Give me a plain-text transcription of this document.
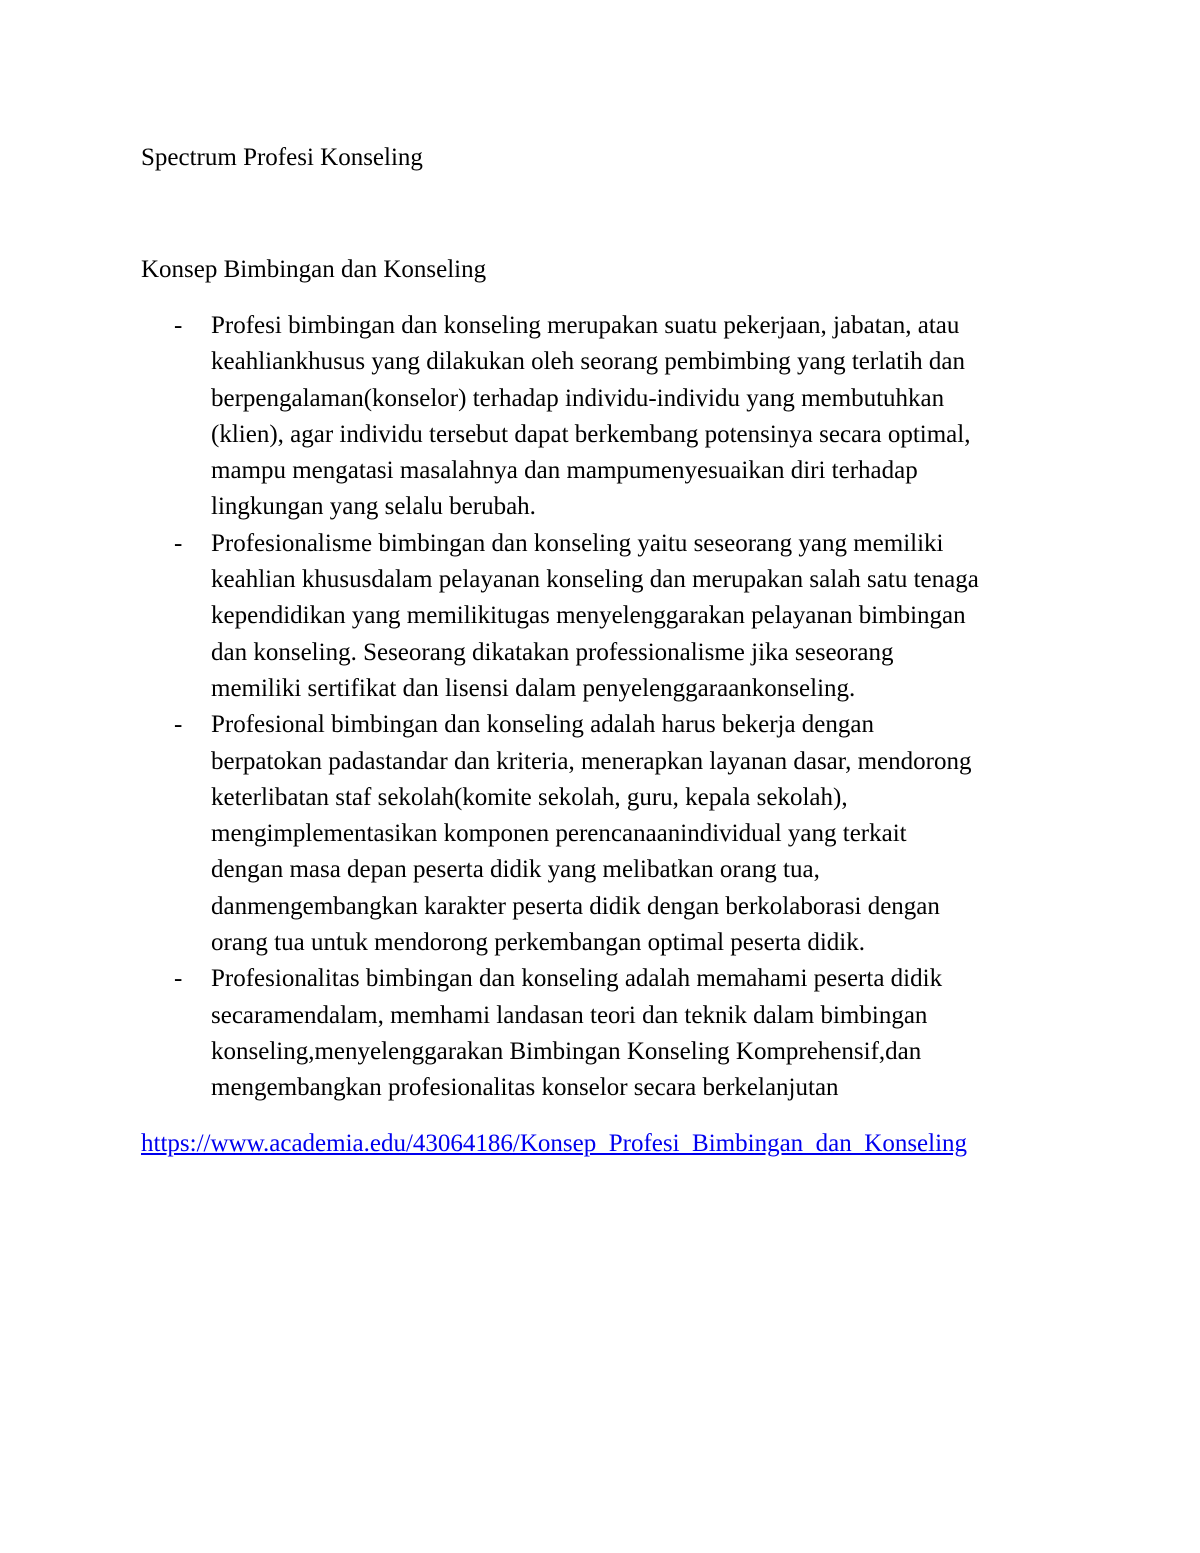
Spectrum Profesi Konseling
Konsep Bimbingan dan Konseling
- Profesi bimbingan dan konseling merupakan suatu pekerjaan, jabatan, atau
keahliankhusus yang dilakukan oleh seorang pembimbing yang terlatih dan
berpengalaman(konselor) terhadap individu-individu yang membutuhkan
(klien), agar individu tersebut dapat berkembang potensinya secara optimal,
mampu mengatasi masalahnya dan mampumenyesuaikan diri terhadap
lingkungan yang selalu berubah.
- Profesionalisme bimbingan dan konseling yaitu seseorang yang memiliki
keahlian khususdalam pelayanan konseling dan merupakan salah satu tenaga
kependidikan yang memilikitugas menyelenggarakan pelayanan bimbingan
dan konseling. Seseorang dikatakan professionalisme jika seseorang
memiliki sertifikat dan lisensi dalam penyelenggaraankonseling.
- Profesional bimbingan dan konseling adalah harus bekerja dengan
berpatokan padastandar dan kriteria, menerapkan layanan dasar, mendorong
keterlibatan staf sekolah(komite sekolah, guru, kepala sekolah),
mengimplementasikan komponen perencanaanindividual yang terkait
dengan masa depan peserta didik yang melibatkan orang tua,
danmengembangkan karakter peserta didik dengan berkolaborasi dengan
orang tua untuk mendorong perkembangan optimal peserta didik.
- Profesionalitas bimbingan dan konseling adalah memahami peserta didik
secaramendalam, memhami landasan teori dan teknik dalam bimbingan
konseling,menyelenggarakan Bimbingan Konseling Komprehensif,dan
mengembangkan profesionalitas konselor secara berkelanjutan
https://www.academia.edu/43064186/Konsep_Profesi_Bimbingan_dan_Konseling
